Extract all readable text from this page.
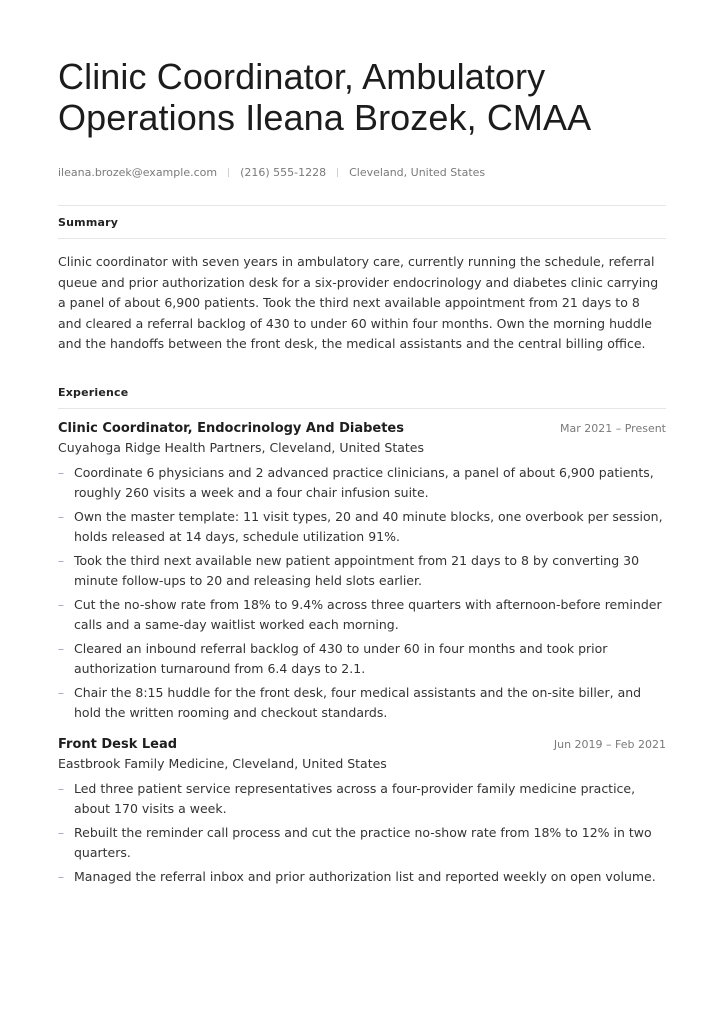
Clinic Coordinator, Ambulatory Operations Ileana Brozek, CMAA
ileana.brozek@example.com (216) 555-1228 Cleveland, United States
Summary

Clinic coordinator with seven years in ambulatory care, currently running the schedule, referral queue and prior authorization desk for a six-provider endocrinology and diabetes clinic carrying a panel of about 6,900 patients. Took the third next available appointment from 21 days to 8 and cleared a referral backlog of 430 to under 60 within four months. Own the morning huddle and the handoffs between the front desk, the medical assistants and the central billing office.

Experience
Clinic Coordinator, Endocrinology And Diabetes	Mar 2021 – Present
Cuyahoga Ridge Health Partners, Cleveland, United States
– Coordinate 6 physicians and 2 advanced practice clinicians, a panel of about 6,900 patients, roughly 260 visits a week and a four chair infusion suite.
– Own the master template: 11 visit types, 20 and 40 minute blocks, one overbook per session, holds released at 14 days, schedule utilization 91%.
– Took the third next available new patient appointment from 21 days to 8 by converting 30 minute follow-ups to 20 and releasing held slots earlier.
– Cut the no-show rate from 18% to 9.4% across three quarters with afternoon-before reminder calls and a same-day waitlist worked each morning.
– Cleared an inbound referral backlog of 430 to under 60 in four months and took prior authorization turnaround from 6.4 days to 2.1.
– Chair the 8:15 huddle for the front desk, four medical assistants and the on-site biller, and hold the written rooming and checkout standards.
Front Desk Lead	Jun 2019 – Feb 2021
Eastbrook Family Medicine, Cleveland, United States
– Led three patient service representatives across a four-provider family medicine practice, about 170 visits a week.
– Rebuilt the reminder call process and cut the practice no-show rate from 18% to 12% in two quarters.
– Managed the referral inbox and prior authorization list and reported weekly on open volume.
